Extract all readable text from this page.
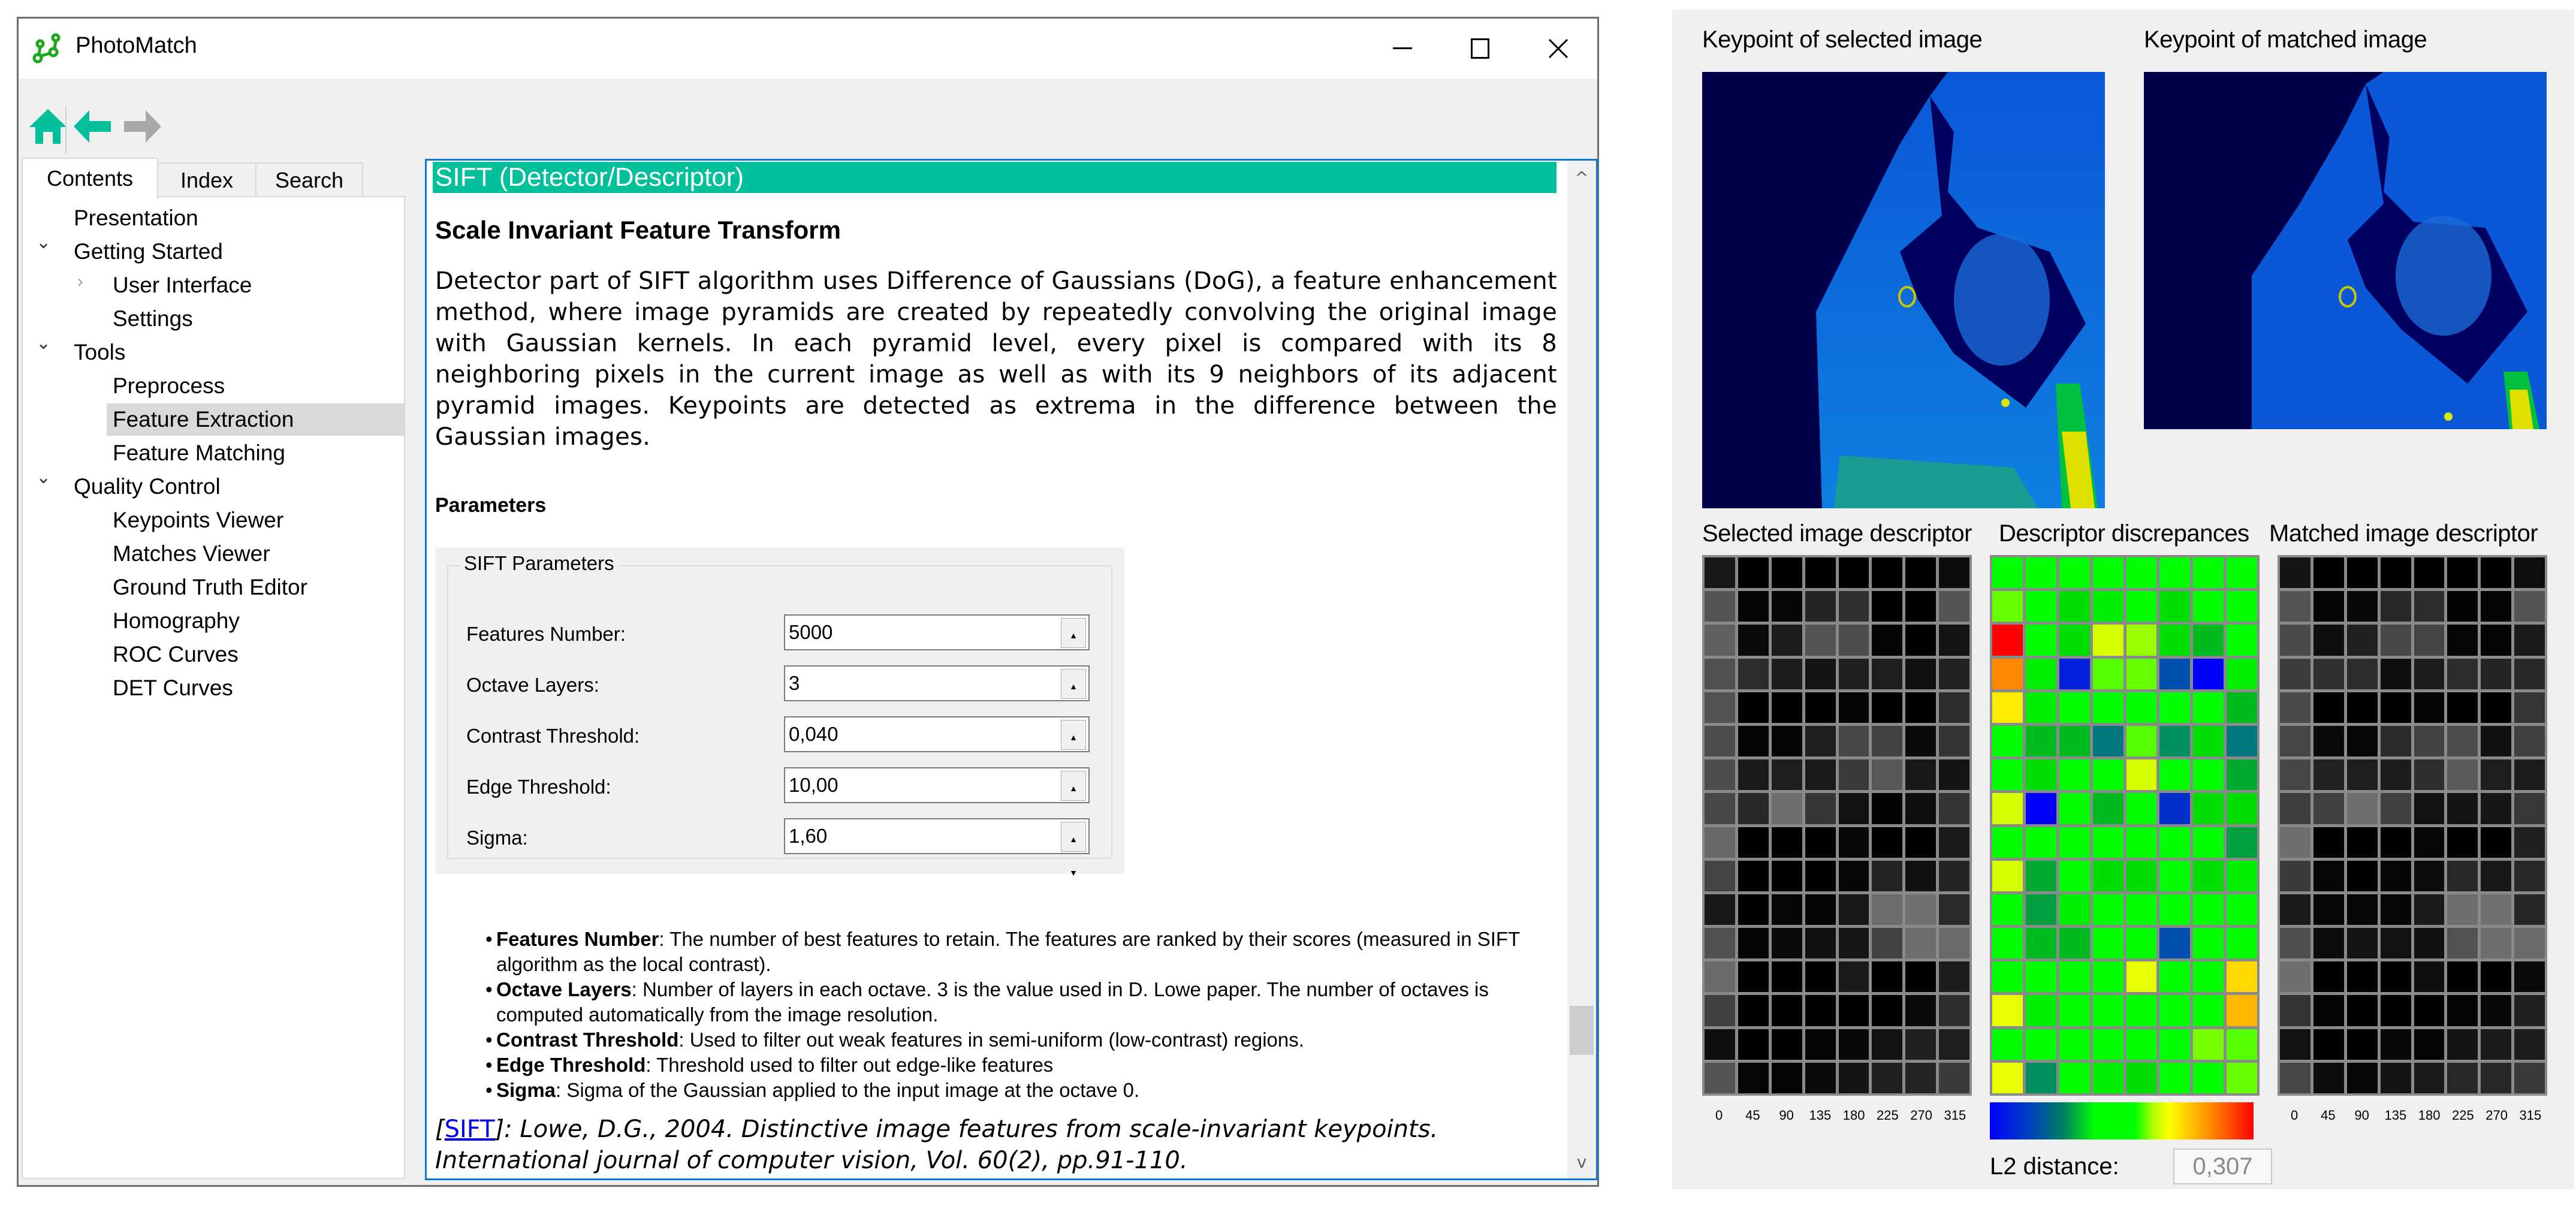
PhotoMatch
Contents Index Search
Presentation
⌄ Getting Started
› User Interface
Settings
⌄ Tools
Preprocess
Feature Extraction
Feature Matching
⌄ Quality Control
Keypoints Viewer
Matches Viewer
Ground Truth Editor
Homography
ROC Curves
DET Curves
SIFT (Detector/Descriptor)
Scale Invariant Feature Transform
Detector part of SIFT algorithm uses Difference of Gaussians (DoG), a feature enhancement method, where image pyramids are created by repeatedly convolving the original image with Gaussian kernels. In each pyramid level, every pixel is compared with its 8 neighboring pixels in the current image as well as with its 9 neighbors of its adjacent pyramid images. Keypoints are detected as extrema in the difference between the Gaussian images.
Parameters
SIFT Parameters
Features Number:	5000	▲
Octave Layers:	3	▲
Contrast Threshold:	0,040	▲
Edge Threshold:	10,00	▲
Sigma:	1,60	▲
▼
• Features Number: The number of best features to retain. The features are ranked by their scores (measured in SIFT algorithm as the local contrast).
• Octave Layers: Number of layers in each octave. 3 is the value used in D. Lowe paper. The number of octaves is computed automatically from the image resolution.
• Contrast Threshold: Used to filter out weak features in semi-uniform (low-contrast) regions.
• Edge Threshold: Threshold used to filter out edge-like features
• Sigma: Sigma of the Gaussian applied to the input image at the octave 0.
[SIFT]: Lowe, D.G., 2004. Distinctive image features from scale-invariant keypoints. International journal of computer vision, Vol. 60(2), pp.91-110.
^
v
Keypoint of selected image	Keypoint of matched image
Selected image descriptor Descriptor discrepances Matched image descriptor
0	45	90	135 180 225 270 315	0	45	90	135 180 225 270 315
L2 distance:	0,307
